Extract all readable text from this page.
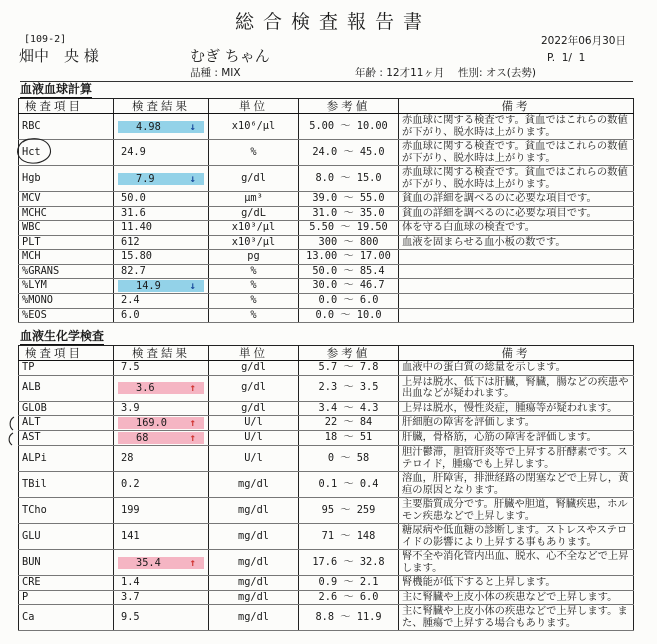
総合検査報告書
[109-2]
畑中　央 様	むぎ ちゃん
2022年06月30日
P.  1/  1
品種 : MIX	年齢 : 12才11ヶ月 性別: オス(去勢)
血液血球計算
検査項目	検査結果	単位	参考値	備考
RBC	4.98 ↓	x10⁶/μl	5.00 ～ 10.00	赤血球に関する検査です。貧血ではこれらの数値が下がり、脱水時は上がります。
Hct	24.9	%	24.0 ～ 45.0	赤血球に関する検査です。貧血ではこれらの数値が下がり、脱水時は上がります。
Hgb	7.9 ↓	g/dl	8.0 ～ 15.0	赤血球に関する検査です。貧血ではこれらの数値が下がり、脱水時は上がります。
MCV	50.0	μm³	39.0 ～ 55.0	貧血の詳細を調べるのに必要な項目です。
MCHC	31.6	g/dL	31.0 ～ 35.0	貧血の詳細を調べるのに必要な項目です。
WBC	11.40	x10³/μl	5.50 ～ 19.50	体を守る白血球の検査です。
PLT	612	x10³/μl	300 ～ 800	血液を固まらせる血小板の数です。
MCH	15.80	pg	13.00 ～ 17.00	
%GRANS	82.7	%	50.0 ～ 85.4	
%LYM	14.9 ↓	%	30.0 ～ 46.7	
%MONO	2.4	%	0.0 ～ 6.0	
%EOS	6.0	%	0.0 ～ 10.0	
血液生化学検査
検査項目	検査結果	単位	参考値	備考
TP	7.5	g/dl	5.7 ～ 7.8	血液中の蛋白質の総量を示します。
ALB	3.6 ↑	g/dl	2.3 ～ 3.5	上昇は脱水、低下は肝臓，腎臓，腸などの疾患や出血などが疑われます。
GLOB	3.9	g/dl	3.4 ～ 4.3	上昇は脱水，慢性炎症，腫瘍等が疑われます。
ALT	169.0 ↑	U/l	22 ～ 84	肝細胞の障害を評価します。
AST	68 ↑	U/l	18 ～ 51	肝臓，骨格筋，心筋の障害を評価します。
ALPi	28	U/l	0 ～ 58	胆汁鬱滞，胆管肝炎等で上昇する肝酵素です。ステロイド，腫瘍でも上昇します。
TBil	0.2	mg/dl	0.1 ～ 0.4	溶血，肝障害，排泄経路の閉塞などで上昇し，黄疸の原因となります。
TCho	199	mg/dl	95 ～ 259	主要脂質成分です。肝臓や胆道，腎臓疾患，ホルモン疾患などで上昇します。
GLU	141	mg/dl	71 ～ 148	糖尿病や低血糖の診断します。ストレスやステロイドの影響により上昇する事もあります。
BUN	35.4 ↑	mg/dl	17.6 ～ 32.8	腎不全や消化管内出血、脱水、心不全などで上昇します。
CRE	1.4	mg/dl	0.9 ～ 2.1	腎機能が低下すると上昇します。
P	3.7	mg/dl	2.6 ～ 6.0	主に腎臓や上皮小体の疾患などで上昇します。
Ca	9.5	mg/dl	8.8 ～ 11.9	主に腎臓や上皮小体の疾患などで上昇します。また、腫瘍で上昇する場合もあります。
